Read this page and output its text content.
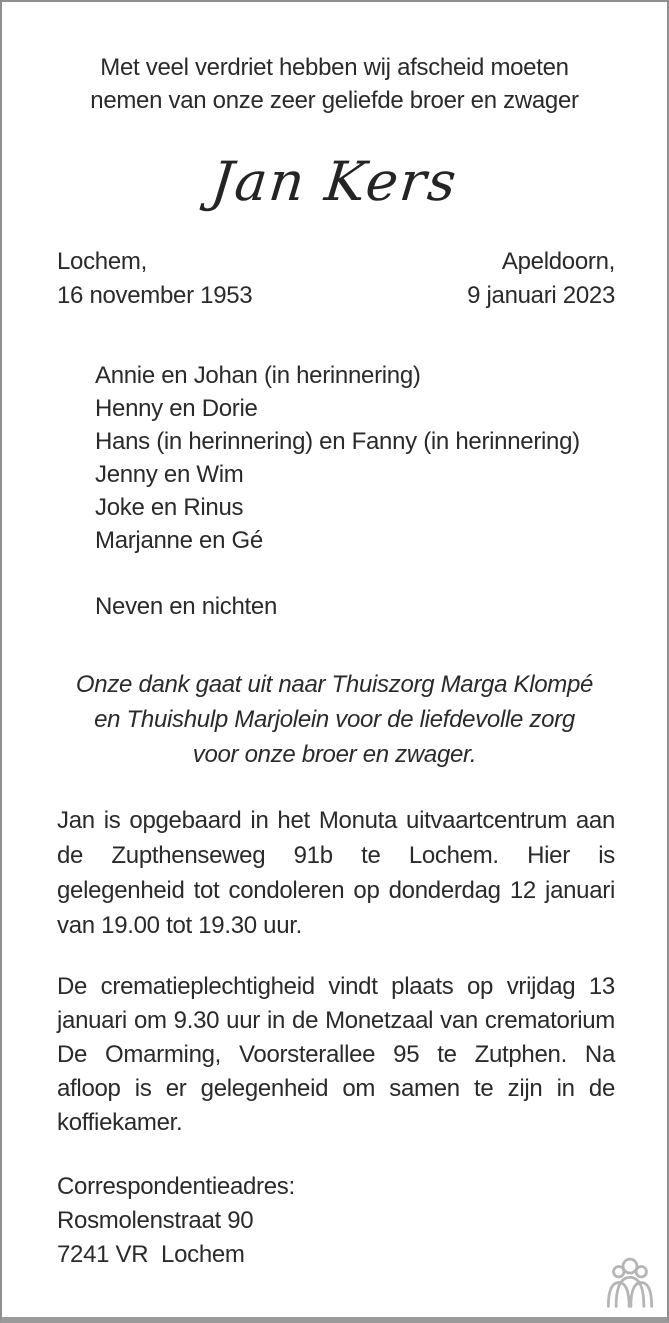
Met veel verdriet hebben wij afscheid moeten
nemen van onze zeer geliefde broer en zwager
Jan Kers
Lochem,
16 november 1953
Apeldoorn,
9 januari 2023
Annie en Johan (in herinnering)
Henny en Dorie
Hans (in herinnering) en Fanny (in herinnering)
Jenny en Wim
Joke en Rinus
Marjanne en Gé
Neven en nichten
Onze dank gaat uit naar Thuiszorg Marga Klompé
en Thuishulp Marjolein voor de liefdevolle zorg
voor onze broer en zwager.

Jan is opgebaard in het Monuta uitvaartcentrum aan de Zupthenseweg 91b te Lochem. Hier is gelegenheid tot condoleren op donderdag 12 januari van 19.00 tot 19.30 uur.

De crematieplechtigheid vindt plaats op vrijdag 13 januari om 9.30 uur in de Monetzaal van crematorium De Omarming, Voorsterallee 95 te Zutphen. Na afloop is er gelegenheid om samen te zijn in de koffiekamer.

Correspondentieadres:
Rosmolenstraat 90
7241 VR  Lochem
